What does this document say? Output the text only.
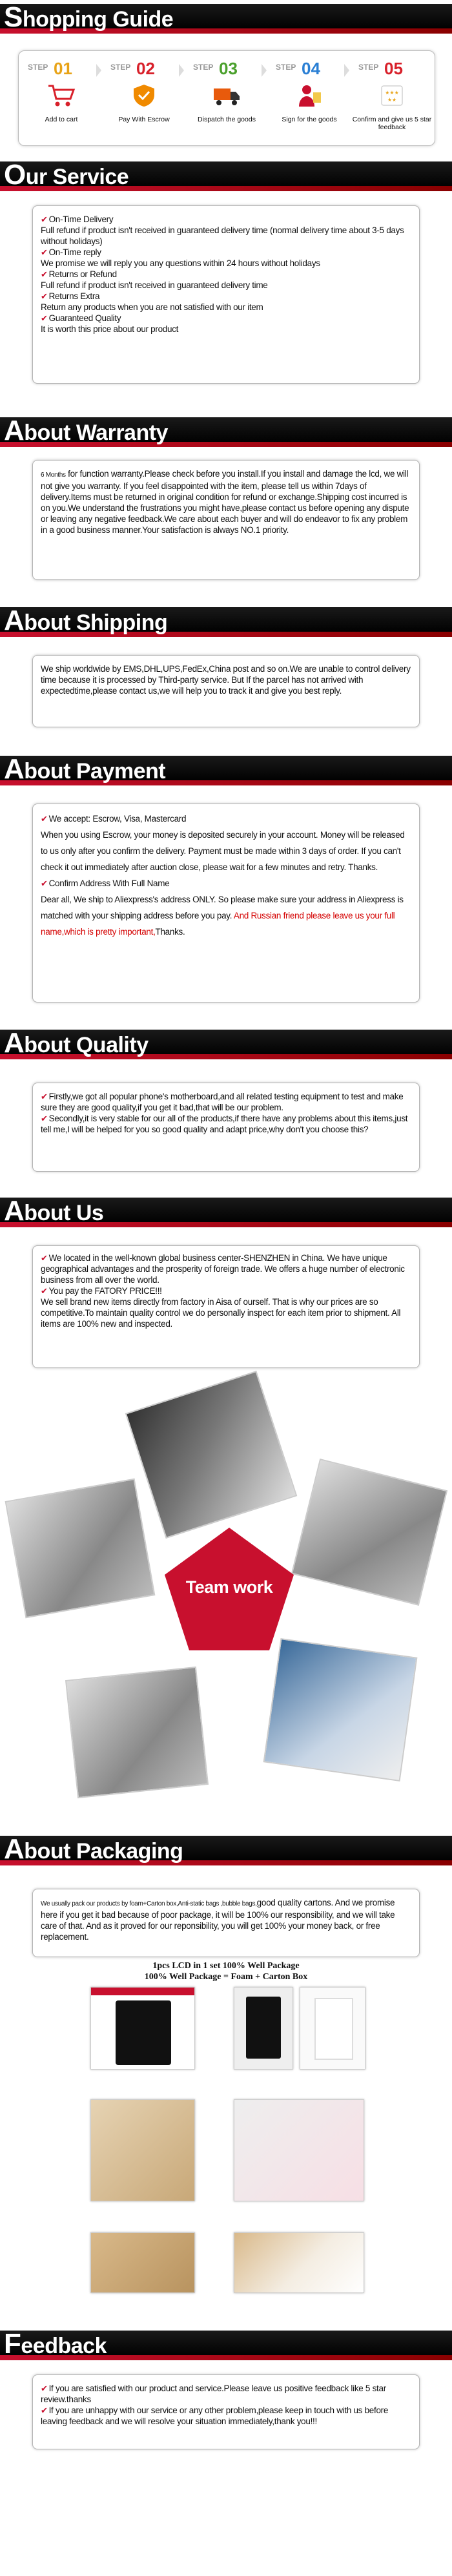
Shopping Guide
STEP 01
Add to cart
STEP 02
Pay With Escrow
STEP 03
Dispatch the goods
STEP 04
Sign for the goods
STEP 05
★★★
★★
Confirm and give us 5 star feedback
Our Service

✔ On-Time Delivery

Full refund if product isn't received in guaranteed delivery time (normal delivery time about 3-5 days without holidays)

✔ On-Time reply

We promise we will reply you any questions within 24 hours without holidays

✔ Returns or Refund

Full refund if product isn't received in guaranteed delivery time

✔ Returns Extra

Return any products when you are not satisfied with our item

✔ Guaranteed Quality

It is worth this price about our product

About Warranty

6 Months for function warranty.Please check before you install.If you install and damage the lcd, we will not give you warranty. If you feel disappointed with the item, please tell us within 7days of delivery.Items must be returned in original condition for refund or exchange.Shipping cost incurred is on you.We understand the frustrations you might have,please contact us before opening any dispute or leaving any negative feedback.We care about each buyer and will do endeavor to fix any problem in a good business manner.Your satisfaction is always NO.1 priority.

About Shipping

We ship worldwide by EMS,DHL,UPS,FedEx,China post and so on.We are unable to control delivery time because it is processed by Third-party service. But If the parcel has not arrived with expectedtime,please contact us,we will help you to track it and give you best reply.

About Payment

✔ We accept: Escrow, Visa, Mastercard

When you using Escrow, your money is deposited securely in your account. Money will be released to us only after you confirm the delivery. Payment must be made within 3 days of order. If you can't check it out immediately after auction close, please wait for a few minutes and retry. Thanks.

✔ Confirm Address With Full Name

Dear all, We ship to Aliexpress's address ONLY. So please make sure your address in Aliexpress is matched with your shipping address before you pay. And Russian friend please leave us your full name,which is pretty important,Thanks.

About Quality

✔ Firstly,we got all popular phone's motherboard,and all related testing equipment to test and make sure they are good quality,if you get it bad,that will be our problem.

✔ Secondly,it is very stable for our all of the products,if there have any problems about this items,just tell me,I will be helped for you so good quality and adapt price,why don't you choose this?

About Us

✔ We located in the well-known global business center-SHENZHEN in China. We have unique geographical advantages and the prosperity of foreign trade. We offers a huge number of electronic business from all over the world.

✔ You pay the FATORY PRICE!!!

We sell brand new items directly from factory in Aisa of ourself. That is why our prices are so competitive.To maintain quality control we do personally inspect for each item prior to shipment. All items are 100% new and inspected.

Team work
About Packaging

We usually pack our products by foam+Carton box,Anti-static bags ,bubble bags,good quality cartons. And we promise here if you get it bad because of poor package, it will be 100% our responsibility, and we will take care of that. And as it proved for our reponsibility, you will get 100% your money back, or free replacement.

1pcs LCD in 1 set 100% Well Package
100% Well Package = Foam + Carton Box
Feedback

✔ If you are satisfied with our product and service.Please leave us positive feedback like 5 star review.thanks

✔ If you are unhappy with our service or any other problem,please keep in touch with us before leaving feedback and we will resolve your situation immediately,thank you!!!
